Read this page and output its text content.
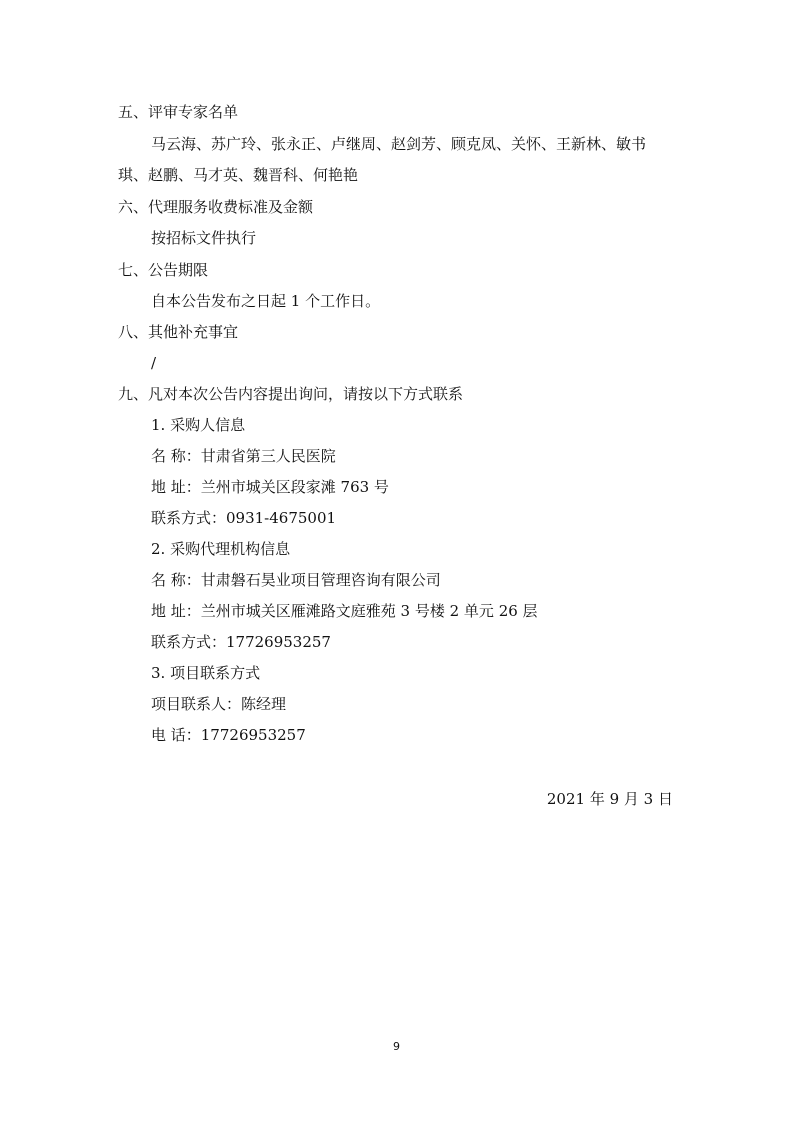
五、评审专家名单
马云海、苏广玲、张永正、卢继周、赵剑芳、顾克凤、关怀、王新林、敏书
琪、赵鹏、马才英、魏晋科、何艳艳
六、代理服务收费标准及金额
按招标文件执行
七、公告期限
自本公告发布之日起 1 个工作日。
八、其他补充事宜
/
九、凡对本次公告内容提出询问，请按以下方式联系
1. 采购人信息
名 称：甘肃省第三人民医院
地 址：兰州市城关区段家滩 763 号
联系方式：0931-4675001
2. 采购代理机构信息
名 称：甘肃磐石昊业项目管理咨询有限公司
地 址：兰州市城关区雁滩路文庭雅苑 3 号楼 2 单元 26 层
联系方式：17726953257
3. 项目联系方式
项目联系人：陈经理
电 话：17726953257
2021 年 9 月 3 日
9
